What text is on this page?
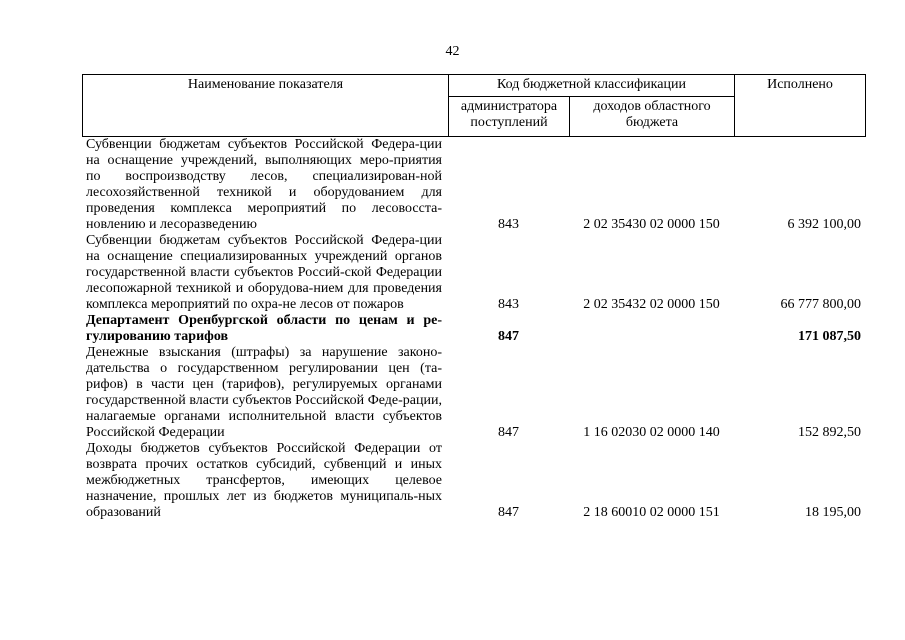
42
Наименование показателя	Код бюджетной классификации		Исполнено
	администратора поступлений	доходов областного бюджета	
Субвенции бюджетам субъектов Российской Федера-ции на оснащение учреждений, выполняющих меро-приятия по воспроизводству лесов, специализирован-ной лесохозяйственной техникой и оборудованием для проведения комплекса мероприятий по лесовосста-новлению и лесоразведению	843	2 02 35430 02 0000 150	6 392 100,00
Субвенции бюджетам субъектов Российской Федера-ции на оснащение специализированных учреждений органов государственной власти субъектов Россий-ской Федерации лесопожарной техникой и оборудова-нием для проведения комплекса мероприятий по охра-не лесов от пожаров	843	2 02 35432 02 0000 150	66 777 800,00
Департамент Оренбургской области по ценам и ре-гулированию тарифов	847		171 087,50
Денежные взыскания (штрафы) за нарушение законо-дательства о государственном регулировании цен (та-рифов) в части цен (тарифов), регулируемых органами государственной власти субъектов Российской Феде-рации, налагаемые органами исполнительной власти субъектов Российской Федерации	847	1 16 02030 02 0000 140	152 892,50
Доходы бюджетов субъектов Российской Федерации от возврата прочих остатков субсидий, субвенций и иных межбюджетных трансфертов, имеющих целевое назначение, прошлых лет из бюджетов муниципаль-ных образований	847	2 18 60010 02 0000 151	18 195,00
